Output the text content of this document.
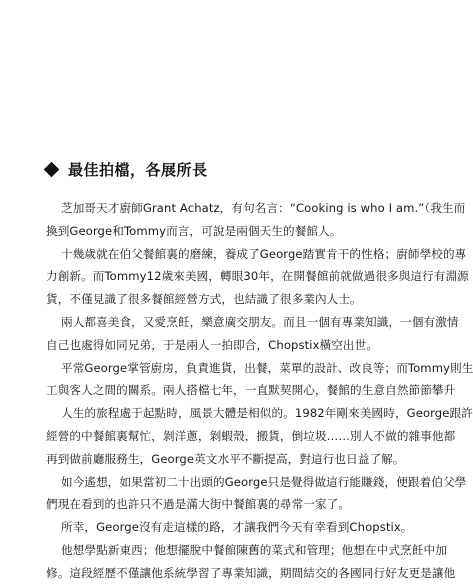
最佳拍檔，各展所長
芝加哥天才廚師Grant Achatz，有句名言：“Cooking is who I am.”（我生而
換到George和Tommy而言，可說是兩個天生的餐館人。
十幾歲就在伯父餐館裏的磨練，養成了George踏實肯干的性格；廚師學校的專
力創新。而Tommy12歲來美國，轉眼30年，在開餐館前就做過很多與這行有淵源
貨，不僅見識了很多餐館經營方式，也結識了很多業內人士。
兩人都喜美食，又愛烹飪，樂意廣交朋友。而且一個有專業知識，一個有激情
自己也處得如同兄弟，于是兩人一拍即合，Chopstix橫空出世。
平常George掌管廚房，負責進貨，出餐，菜單的設計、改良等；而Tommy則生
工與客人之間的關系。兩人搭檔七年，一直默契開心，餐館的生意自然節節攀升
人生的旅程處于起點時，風景大體是相似的。1982年剛來美國時，George跟許
經營的中餐館裏幫忙，剝洋蔥，剝蝦殼，搬貨，倒垃圾……別人不做的雜事他都
再到做前廳服務生，George英文水平不斷提高，對這行也日益了解。
如今遙想，如果當初二十出頭的George只是覺得做這行能賺錢，便跟着伯父學
們現在看到的也許只不過是滿大街中餐館裏的尋常一家了。
所幸，George沒有走這樣的路，才讓我們今天有幸看到Chopstix。
他想學點新東西；他想擺脫中餐館陳舊的菜式和管理；他想在中式烹飪中加
修。這段經歷不僅讓他系統學習了專業知識，期間結交的各國同行好友更是讓他
